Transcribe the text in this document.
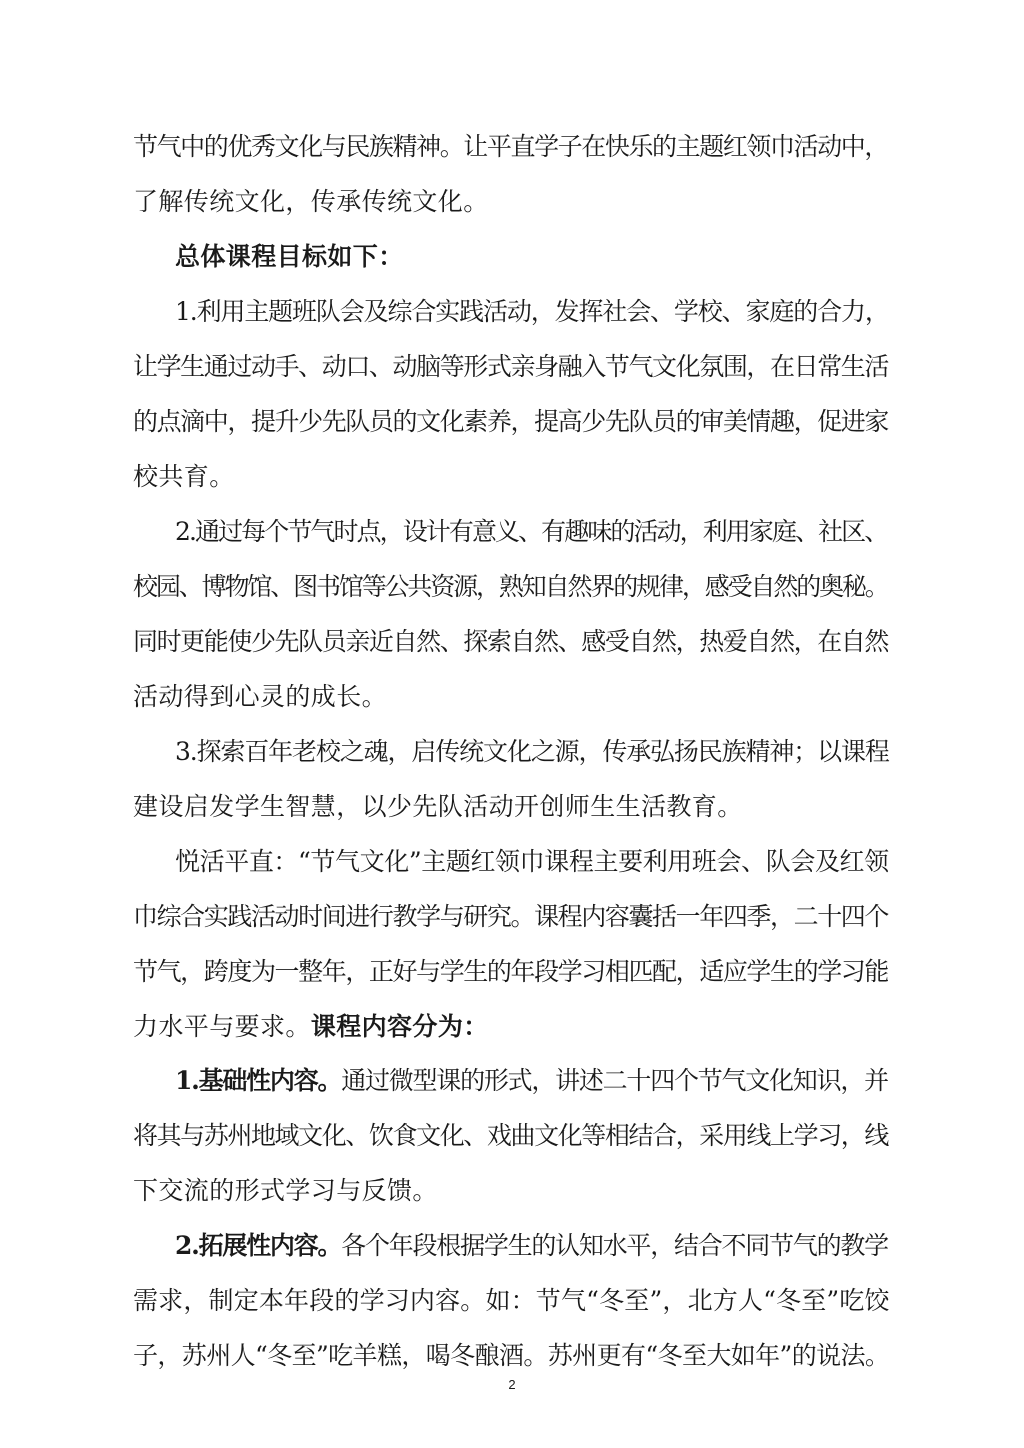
节气中的优秀文化与民族精神。让平直学子在快乐的主题红领巾活动中，
了解传统文化，传承传统文化。
总体课程目标如下：
1.利用主题班队会及综合实践活动，发挥社会、学校、家庭的合力，
让学生通过动手、动口、动脑等形式亲身融入节气文化氛围，在日常生活
的点滴中，提升少先队员的文化素养，提高少先队员的审美情趣，促进家
校共育。
2.通过每个节气时点，设计有意义、有趣味的活动，利用家庭、社区、
校园、博物馆、图书馆等公共资源，熟知自然界的规律，感受自然的奥秘。
同时更能使少先队员亲近自然、探索自然、感受自然，热爱自然，在自然
活动得到心灵的成长。
3.探索百年老校之魂，启传统文化之源，传承弘扬民族精神；以课程
建设启发学生智慧，以少先队活动开创师生生活教育。
悦活平直：“节气文化”主题红领巾课程主要利用班会、队会及红领
巾综合实践活动时间进行教学与研究。课程内容囊括一年四季，二十四个
节气，跨度为一整年，正好与学生的年段学习相匹配，适应学生的学习能
力水平与要求。课程内容分为：
1.基础性内容。通过微型课的形式，讲述二十四个节气文化知识，并
将其与苏州地域文化、饮食文化、戏曲文化等相结合，采用线上学习，线
下交流的形式学习与反馈。
2.拓展性内容。各个年段根据学生的认知水平，结合不同节气的教学
需求，制定本年段的学习内容。如：节气“冬至”，北方人“冬至”吃饺
子，苏州人“冬至”吃羊糕，喝冬酿酒。苏州更有“冬至大如年”的说法。
2
